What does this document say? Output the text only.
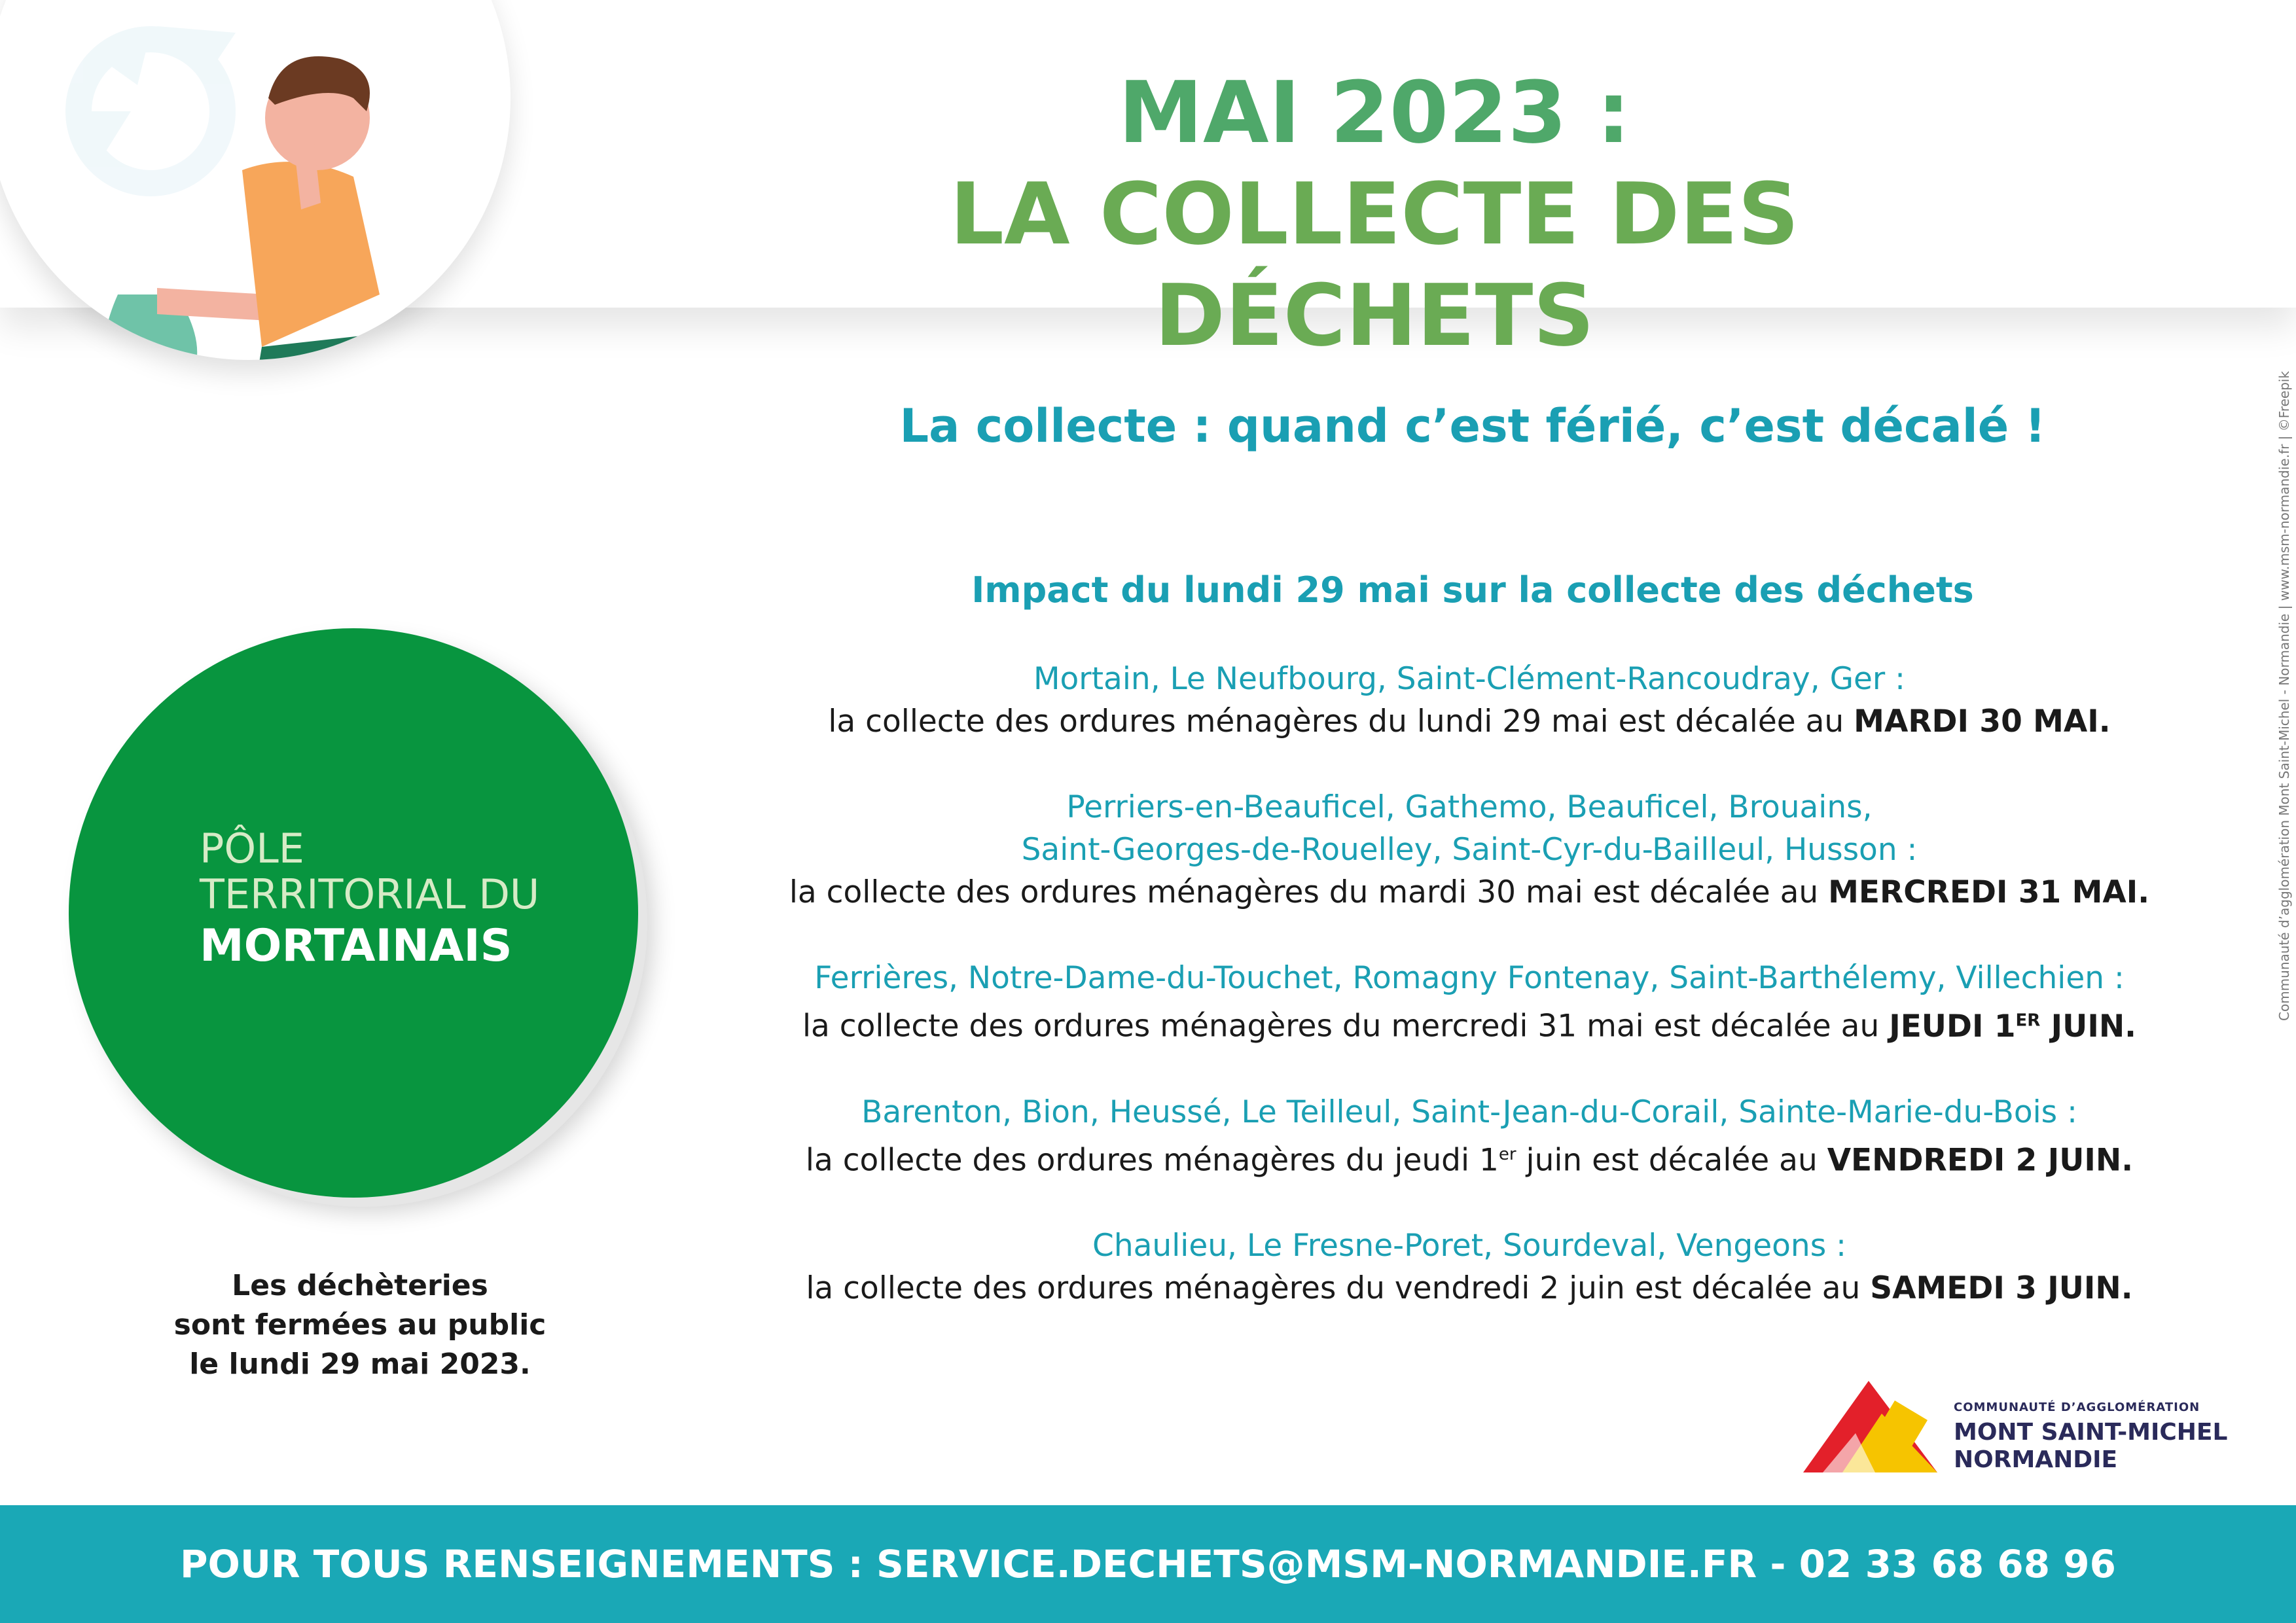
MAI 2023 :
LA COLLECTE DES DÉCHETS
La collecte : quand c’est férié, c’est décalé !
Impact du lundi 29 mai sur la collecte des déchets
Mortain, Le Neufbourg, Saint-Clément-Rancoudray, Ger :
la collecte des ordures ménagères du lundi 29 mai est décalée au MARDI 30 MAI.
Perriers-en-Beauficel, Gathemo, Beauficel, Brouains,
Saint-Georges-de-Rouelley, Saint-Cyr-du-Bailleul, Husson :
la collecte des ordures ménagères du mardi 30 mai est décalée au MERCREDI 31 MAI.
Ferrières, Notre-Dame-du-Touchet, Romagny Fontenay, Saint-Barthélemy, Villechien :
la collecte des ordures ménagères du mercredi 31 mai est décalée au JEUDI 1ER JUIN.
Barenton, Bion, Heussé, Le Teilleul, Saint-Jean-du-Corail, Sainte-Marie-du-Bois :
la collecte des ordures ménagères du jeudi 1er juin est décalée au VENDREDI 2 JUIN.
Chaulieu, Le Fresne-Poret, Sourdeval, Vengeons :
la collecte des ordures ménagères du vendredi 2 juin est décalée au SAMEDI 3 JUIN.
PÔLE
TERRITORIAL DU
MORTAINAIS
Les déchèteries
sont fermées au public
le lundi 29 mai 2023.
COMMUNAUTÉ D’AGGLOMÉRATION
MONT SAINT-MICHEL
NORMANDIE
Communauté d’agglomération Mont Saint-Michel - Normandie | www.msm-normandie.fr | ©Freepik
POUR TOUS RENSEIGNEMENTS : SERVICE.DECHETS@MSM-NORMANDIE.FR - 02 33 68 68 96
